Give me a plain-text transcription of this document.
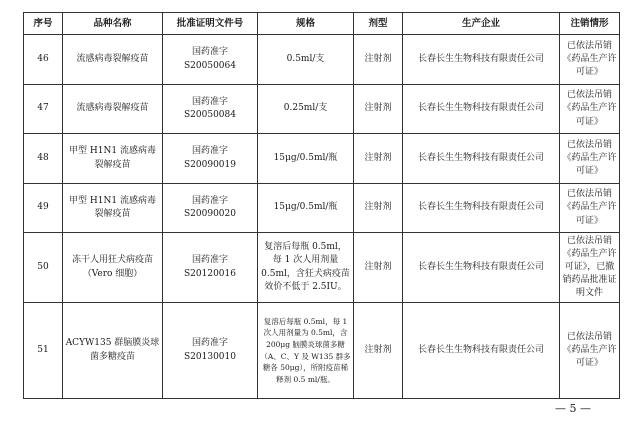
序号	品种名称	批准证明文件号	规格	剂型	生产企业	注销情形
46	流感病毒裂解疫苗	国药准字 S20050064	0.5ml/支	注射剂	长春长生生物科技有限责任公司	已依法吊销《药品生产许可证》
47	流感病毒裂解疫苗	国药准字 S20050084	0.25ml/支	注射剂	长春长生生物科技有限责任公司	已依法吊销《药品生产许可证》
48	甲型 H1N1 流感病毒裂解疫苗	国药准字 S20090019	15μg/0.5ml/瓶	注射剂	长春长生生物科技有限责任公司	已依法吊销《药品生产许可证》
49	甲型 H1N1 流感病毒裂解疫苗	国药准字 S20090020	15μg/0.5ml/瓶	注射剂	长春长生生物科技有限责任公司	已依法吊销《药品生产许可证》
50	冻干人用狂犬病疫苗（Vero 细胞）	国药准字 S20120016	复溶后每瓶 0.5ml，每 1 次人用剂量 0.5ml，含狂犬病疫苗效价不低于 2.5IU。	注射剂	长春长生生物科技有限责任公司	已依法吊销《药品生产许可证》，已撤销药品批准证明文件
51	ACYW135 群脑膜炎球菌多糖疫苗	国药准字 S20130010	复溶后每瓶 0.5ml，每 1 次人用剂量为 0.5ml，含 200μg 脑膜炎球菌多糖（A、C、Y 及 W135 群多糖各 50μg），所附疫苗稀释剂 0.5 ml/瓶。	注射剂	长春长生生物科技有限责任公司	已依法吊销《药品生产许可证》
— 5 —
